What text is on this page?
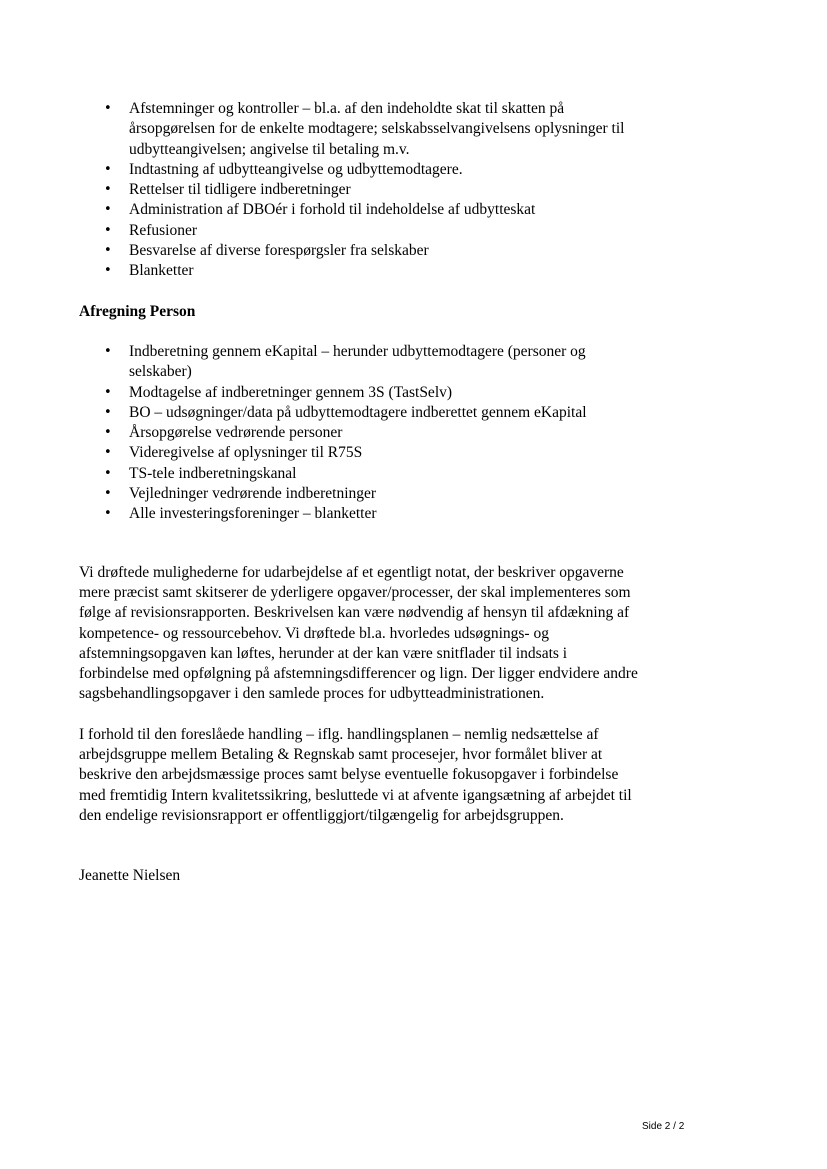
• Afstemninger og kontroller – bl.a. af den indeholdte skat til skatten på årsopgørelsen for de enkelte modtagere; selskabsselvangivelsens oplysninger til udbytteangivelsen; angivelse til betaling m.v.
• Indtastning af udbytteangivelse og udbyttemodtagere.
• Rettelser til tidligere indberetninger
• Administration af DBOér i forhold til indeholdelse af udbytteskat
• Refusioner
• Besvarelse af diverse forespørgsler fra selskaber
• Blanketter

Afregning Person

• Indberetning gennem eKapital – herunder udbyttemodtagere (personer og selskaber)
• Modtagelse af indberetninger gennem 3S (TastSelv)
• BO – udsøgninger/data på udbyttemodtagere indberettet gennem eKapital
• Årsopgørelse vedrørende personer
• Videregivelse af oplysninger til R75S
• TS-tele indberetningskanal
• Vejledninger vedrørende indberetninger
• Alle investeringsforeninger – blanketter

Vi drøftede mulighederne for udarbejdelse af et egentligt notat, der beskriver opgaverne mere præcist samt skitserer de yderligere opgaver/processer, der skal implementeres som følge af revisionsrapporten. Beskrivelsen kan være nødvendig af hensyn til afdækning af kompetence- og ressourcebehov. Vi drøftede bl.a. hvorledes udsøgnings- og afstemningsopgaven kan løftes, herunder at der kan være snitflader til indsats i forbindelse med opfølgning på afstemningsdifferencer og lign. Der ligger endvidere andre sagsbehandlingsopgaver i den samlede proces for udbytteadministrationen.

I forhold til den foreslåede handling – iflg. handlingsplanen – nemlig nedsættelse af arbejdsgruppe mellem Betaling & Regnskab samt procesejer, hvor formålet bliver at beskrive den arbejdsmæssige proces samt belyse eventuelle fokusopgaver i forbindelse med fremtidig Intern kvalitetssikring, besluttede vi at afvente igangsætning af arbejdet til den endelige revisionsrapport er offentliggjort/tilgængelig for arbejdsgruppen.

Jeanette Nielsen

Side 2 / 2
